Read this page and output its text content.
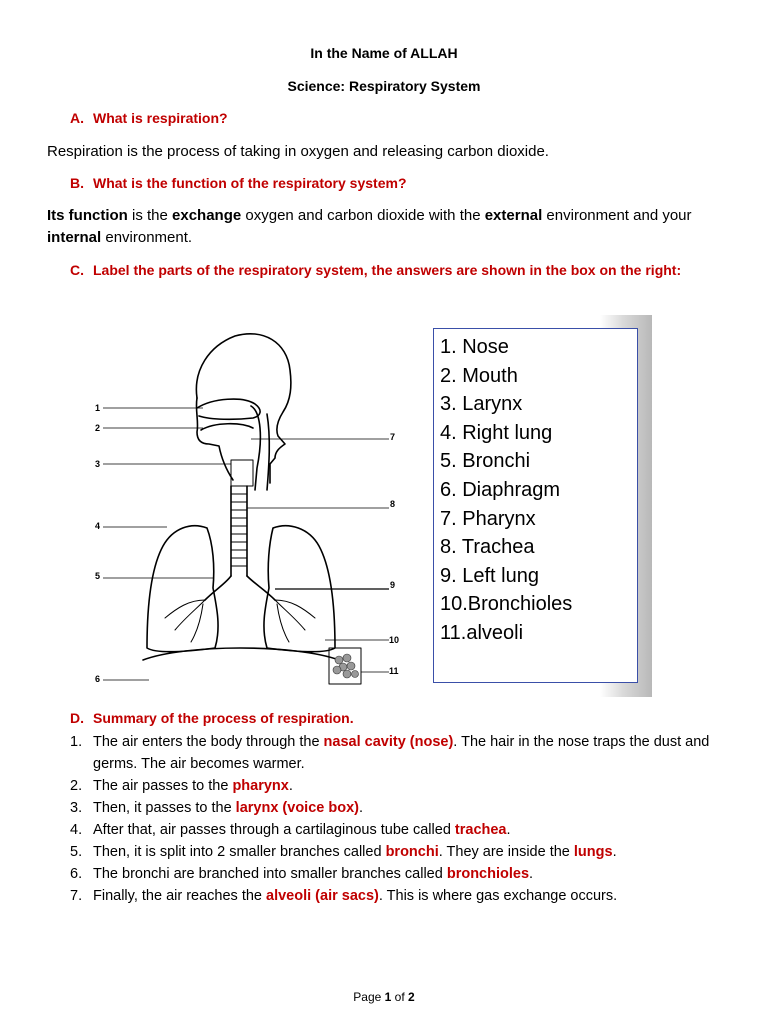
In the Name of ALLAH
Science: Respiratory System
A. What is respiration?
Respiration is the process of taking in oxygen and releasing carbon dioxide.
B. What is the function of the respiratory system?
Its function is the exchange oxygen and carbon dioxide with the external environment and your internal environment.
C. Label the parts of the respiratory system, the answers are shown in the box on the right:
1
2
3
4
5
6
7
8
9
10
11
1. Nose
2. Mouth
3. Larynx
4. Right lung
5. Bronchi
6. Diaphragm
7. Pharynx
8. Trachea
9. Left lung
10.Bronchioles
11.alveoli
D. Summary of the process of respiration.
1. The air enters the body through the nasal cavity (nose). The hair in the nose traps the dust and germs. The air becomes warmer.
2. The air passes to the pharynx.
3. Then, it passes to the larynx (voice box).
4. After that, air passes through a cartilaginous tube called trachea.
5. Then, it is split into 2 smaller branches called bronchi. They are inside the lungs.
6. The bronchi are branched into smaller branches called bronchioles.
7. Finally, the air reaches the alveoli (air sacs). This is where gas exchange occurs.
Page 1 of 2
